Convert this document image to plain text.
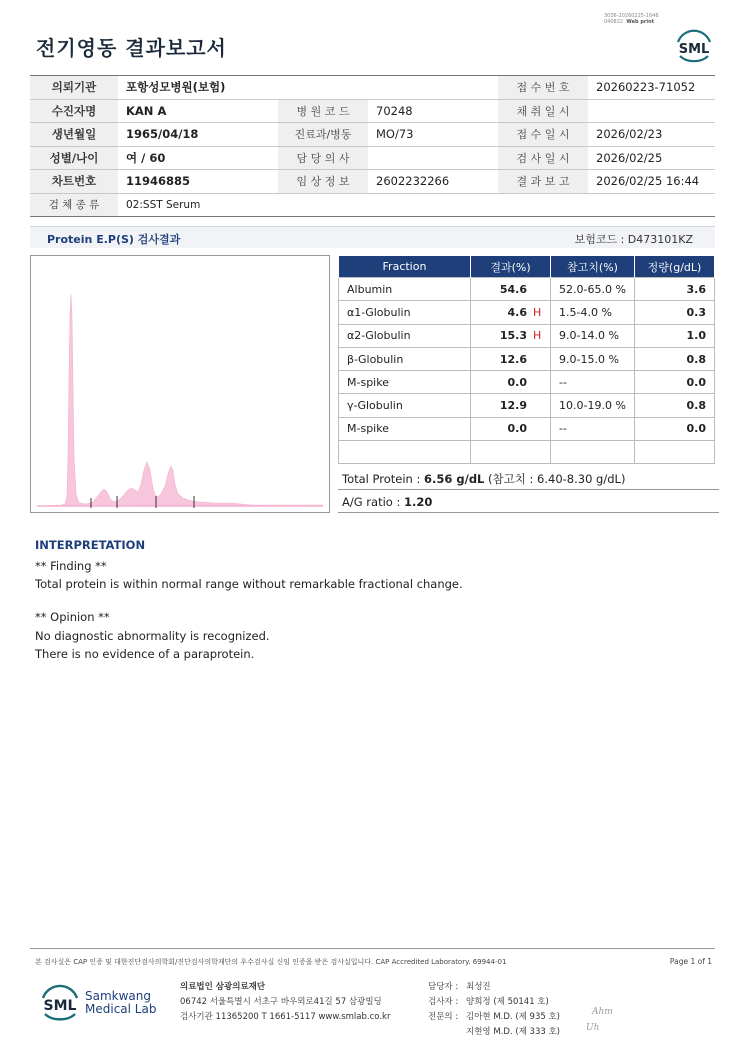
전기영동 결과보고서
3036-20260225-1646
040822 Web print
SML
의뢰기관	포항성모병원(보험)			접 수 번 호	20260223-71052
수진자명	KAN A	병 원 코 드	70248	채 취 일 시	
생년월일	1965/04/18	진료과/병동	MO/73	접 수 일 시	2026/02/23
성별/나이	여 / 60	담 당 의 사		검 사 일 시	2026/02/25
차트번호	11946885	임 상 정 보	2602232266	결 과 보 고	2026/02/25 16:44
검 체 종 류	02:SST Serum				
Protein E.P(S) 검사결과	보험코드 : D473101KZ
Fraction	결과(%)	참고치(%)	정량(g/dL)
Albumin	54.6	52.0-65.0 %	3.6
α1-Globulin	4.6 H	1.5-4.0 %	0.3
α2-Globulin	15.3 H	9.0-14.0 %	1.0
β-Globulin	12.6	9.0-15.0 %	0.8
M-spike	0.0	--	0.0
γ-Globulin	12.9	10.0-19.0 %	0.8
M-spike	0.0	--	0.0

Total Protein : 6.56 g/dL (참고치 : 6.40-8.30 g/dL)
A/G ratio : 1.20
INTERPRETATION
** Finding **
Total protein is within normal range without remarkable fractional change.
** Opinion **
No diagnostic abnormality is recognized.
There is no evidence of a paraprotein.
본 검사실은 CAP 인증 및 대한진단검사의학회/진단검사의학재단의 우수검사실 신임 인증을 받은 검사실입니다. CAP Accredited Laboratory. 69944-01	Page 1 of 1
SML
Samkwang
Medical Lab
의료법인 삼광의료재단
06742 서울특별시 서초구 바우뫼로41길 57 삼광빌딩
검사기관 11365200 T 1661-5117 www.smlab.co.kr
담당자 : 최성진
검사자 : 양희정 (제 50141 호)
전문의 : 김아현 M.D. (제 935 호)
지현영 M.D. (제 333 호)
Ahm
Uh
